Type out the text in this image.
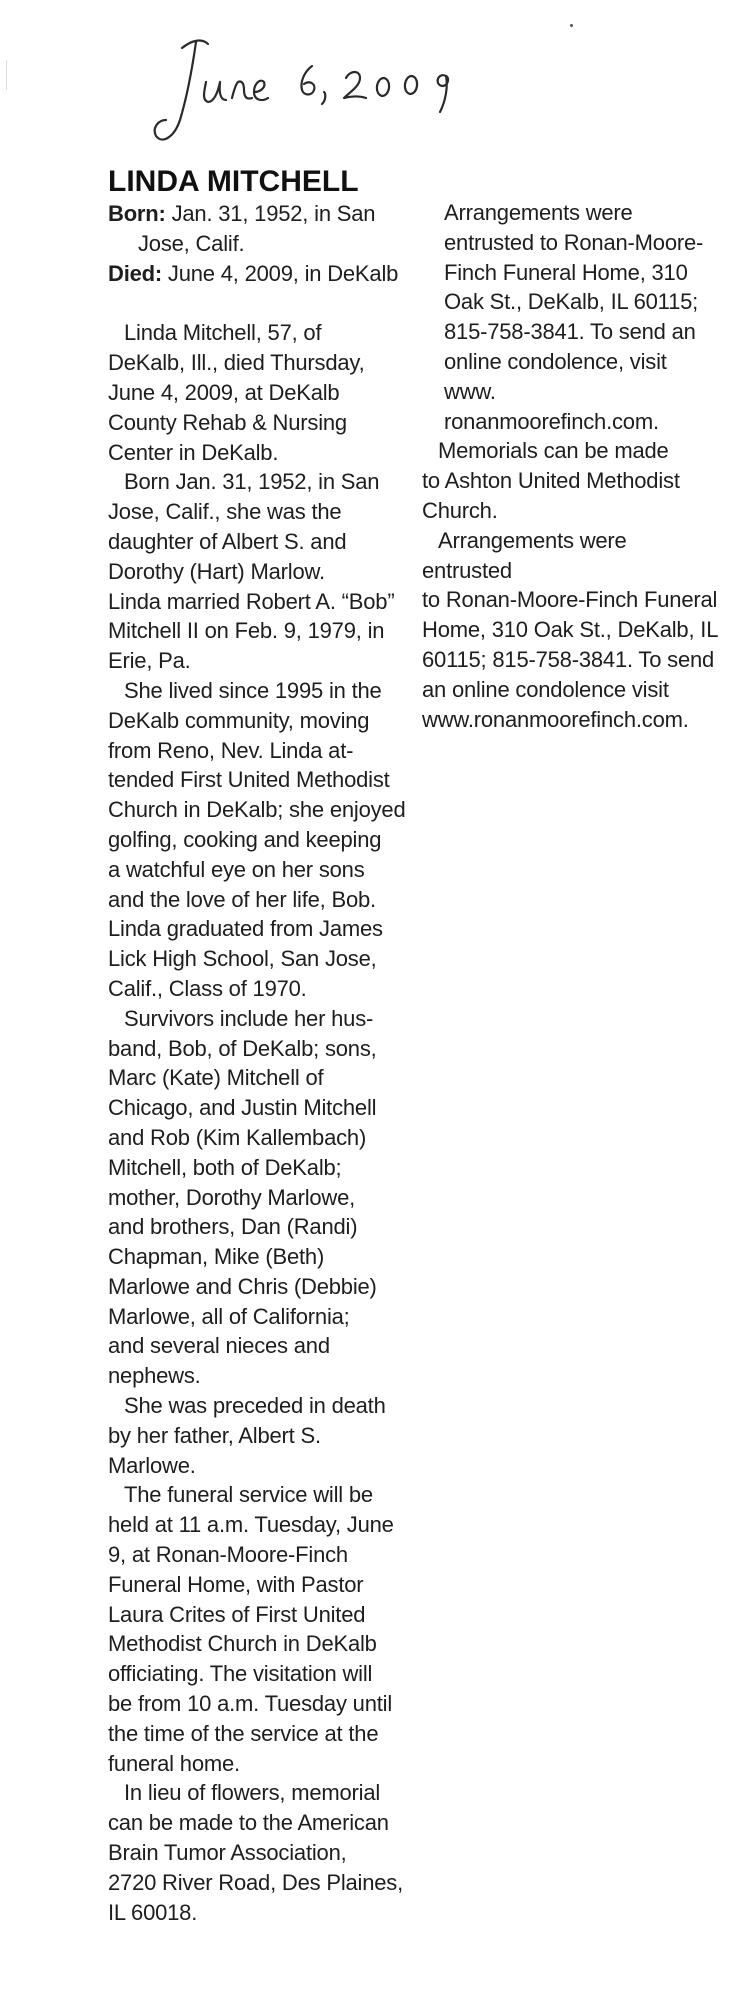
LINDA MITCHELL
Born: Jan. 31, 1952, in San
Jose, Calif.
Died: June 4, 2009, in DeKalb
Linda Mitchell, 57, of
DeKalb, Ill., died Thursday,
June 4, 2009, at DeKalb
County Rehab & Nursing
Center in DeKalb.
Born Jan. 31, 1952, in San
Jose, Calif., she was the
daughter of Albert S. and
Dorothy (Hart) Marlow.
Linda married Robert A. “Bob”
Mitchell II on Feb. 9, 1979, in
Erie, Pa.
She lived since 1995 in the
DeKalb community, moving
from Reno, Nev. Linda at-
tended First United Methodist
Church in DeKalb; she enjoyed
golfing, cooking and keeping
a watchful eye on her sons
and the love of her life, Bob.
Linda graduated from James
Lick High School, San Jose,
Calif., Class of 1970.
Survivors include her hus-
band, Bob, of DeKalb; sons,
Marc (Kate) Mitchell of
Chicago, and Justin Mitchell
and Rob (Kim Kallembach)
Mitchell, both of DeKalb;
mother, Dorothy Marlowe,
and brothers, Dan (Randi)
Chapman, Mike (Beth)
Marlowe and Chris (Debbie)
Marlowe, all of California;
and several nieces and
nephews.
She was preceded in death
by her father, Albert S.
Marlowe.
The funeral service will be
held at 11 a.m. Tuesday, June
9, at Ronan-Moore-Finch
Funeral Home, with Pastor
Laura Crites of First United
Methodist Church in DeKalb
officiating. The visitation will
be from 10 a.m. Tuesday until
the time of the service at the
funeral home.
In lieu of flowers, memorial
can be made to the American
Brain Tumor Association,
2720 River Road, Des Plaines,
IL 60018.
Arrangements were
entrusted to Ronan-Moore-
Finch Funeral Home, 310
Oak St., DeKalb, IL 60115;
815-758-3841. To send an
online condolence, visit www.
ronanmoorefinch.com.
Memorials can be made
to Ashton United Methodist
Church.
Arrangements were entrusted
to Ronan-Moore-Finch Funeral
Home, 310 Oak St., DeKalb, IL
60115; 815-758-3841. To send
an online condolence visit
www.ronanmoorefinch.com.
